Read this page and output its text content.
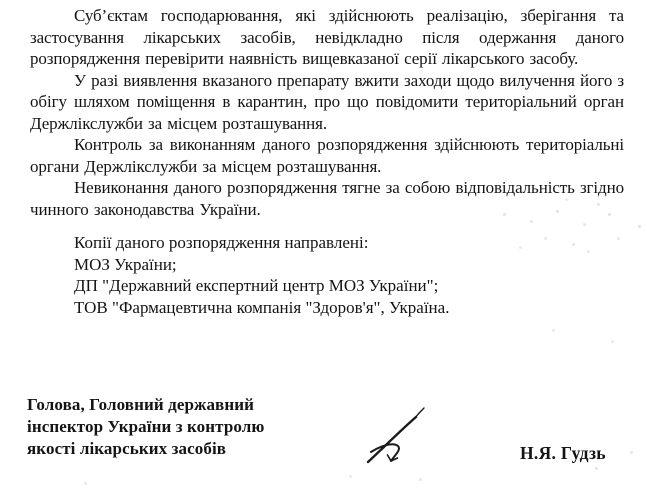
Суб’єктам господарювання, які здійснюють реалізацію, зберігання та застосування лікарських засобів, невідкладно після одержання даного розпорядження перевірити наявність вищевказаної серії лікарського засобу.

У разі виявлення вказаного препарату вжити заходи щодо вилучення його з обігу шляхом поміщення в карантин, про що повідомити територіальний орган Держлікслужби за місцем розташування.

Контроль за виконанням даного розпорядження здійснюють територіальні органи Держлікслужби за місцем розташування.

Невиконання даного розпорядження тягне за собою відповідальність згідно чинного законодавства України.

Копії даного розпорядження направлені:
МОЗ України;
ДП "Державний експертний центр МОЗ України";
ТОВ "Фармацевтична компанія "Здоров'я", Україна.
Голова, Головний державний
інспектор України з контролю
якості лікарських засобів	Н.Я. Гудзь
